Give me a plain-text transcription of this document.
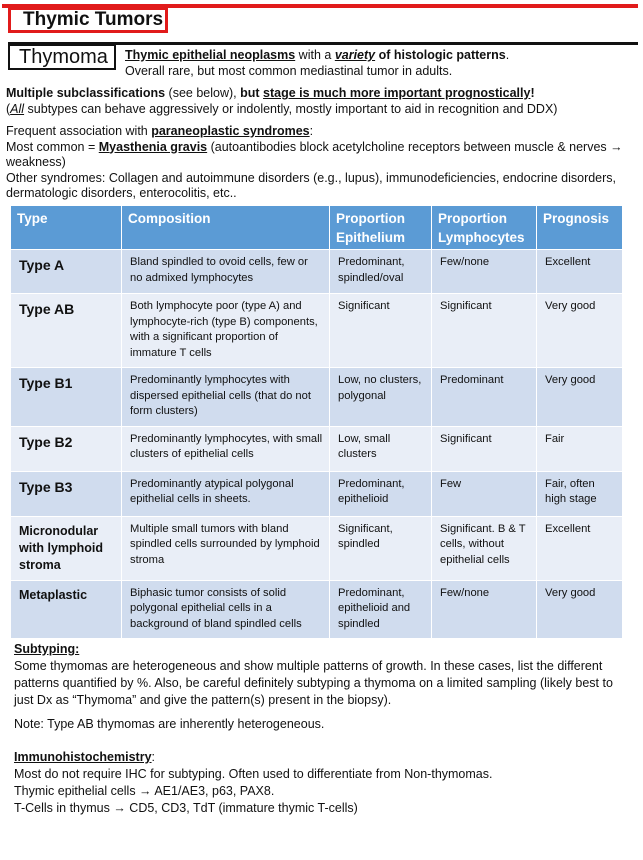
Thymic Tumors
Thymoma	Thymic epithelial neoplasms with a variety of histologic patterns.
Overall rare, but most common mediastinal tumor in adults.
Multiple subclassifications (see below), but stage is much more important prognostically!
(All subtypes can behave aggressively or indolently, mostly important to aid in recognition and DDX)
Frequent association with paraneoplastic syndromes:
Most common = Myasthenia gravis (autoantibodies block acetylcholine receptors between muscle & nerves → weakness)
Other syndromes: Collagen and autoimmune disorders (e.g., lupus), immunodeficiencies, endocrine disorders, dermatologic disorders, enterocolitis, etc..
Type	Composition	Proportion Epithelium	Proportion Lymphocytes	Prognosis
Type A	Bland spindled to ovoid cells, few or no admixed lymphocytes	Predominant, spindled/oval	Few/none	Excellent
Type AB	Both lymphocyte poor (type A) and lymphocyte-rich (type B) components, with a significant proportion of immature T cells	Significant	Significant	Very good
Type B1	Predominantly lymphocytes with dispersed epithelial cells (that do not form clusters)	Low, no clusters, polygonal	Predominant	Very good
Type B2	Predominantly lymphocytes, with small clusters of epithelial cells	Low, small clusters	Significant	Fair
Type B3	Predominantly atypical polygonal epithelial cells in sheets.	Predominant, epithelioid	Few	Fair, often high stage
Micronodular with lymphoid stroma	Multiple small tumors with bland spindled cells surrounded by lymphoid stroma	Significant, spindled	Significant. B & T cells, without epithelial cells	Excellent
Metaplastic	Biphasic tumor consists of solid polygonal epithelial cells in a background of bland spindled cells	Predominant, epithelioid and spindled	Few/none	Very good
Subtyping:
Some thymomas are heterogeneous and show multiple patterns of growth. In these cases, list the different patterns quantified by %. Also, be careful definitely subtyping a thymoma on a limited sampling (likely best to just Dx as “Thymoma” and give the pattern(s) present in the biopsy).
Note: Type AB thymomas are inherently heterogeneous.
Immunohistochemistry:
Most do not require IHC for subtyping. Often used to differentiate from Non-thymomas.
Thymic epithelial cells → AE1/AE3, p63, PAX8.
T-Cells in thymus → CD5, CD3, TdT (immature thymic T-cells)
